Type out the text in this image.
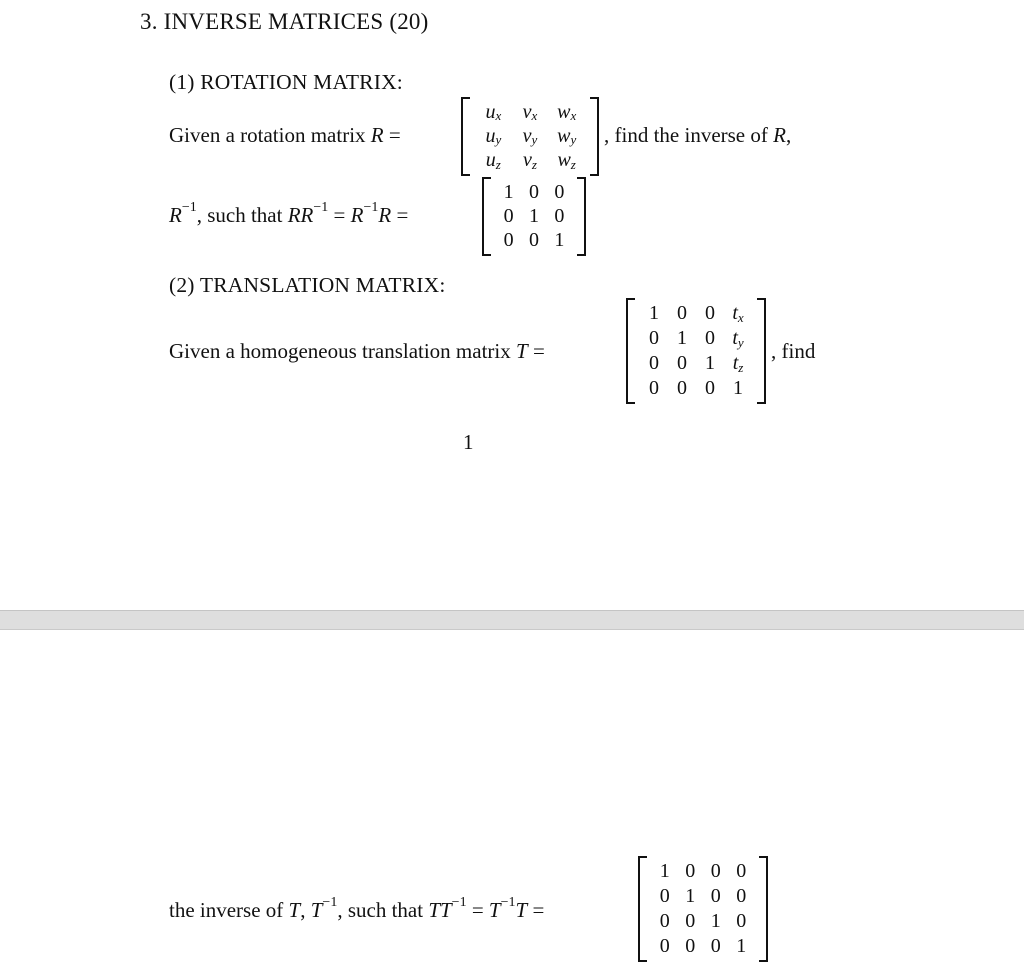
3. INVERSE MATRICES (20)
(1) ROTATION MATRIX:
Given a rotation matrix R =
$u_x$ $v_x$ $w_x$
$u_y$ $v_y$ $w_y$
$u_z$ $v_z$ $w_z$
, find the inverse of R,
$R^{-1}$, such that $RR^{-1} = R^{-1}R$ =
1 0 0
0 1 0
0 0 1
(2) TRANSLATION MATRIX:
Given a homogeneous translation matrix T =
1 0 0 $t_x$
0 1 0 $t_y$
0 0 1 $t_z$
0 0 0 1
, find
1
the inverse of T, $T^{-1}$, such that $TT^{-1} = T^{-1}T$ =
1 0 0 0
0 1 0 0
0 0 1 0
0 0 0 1
